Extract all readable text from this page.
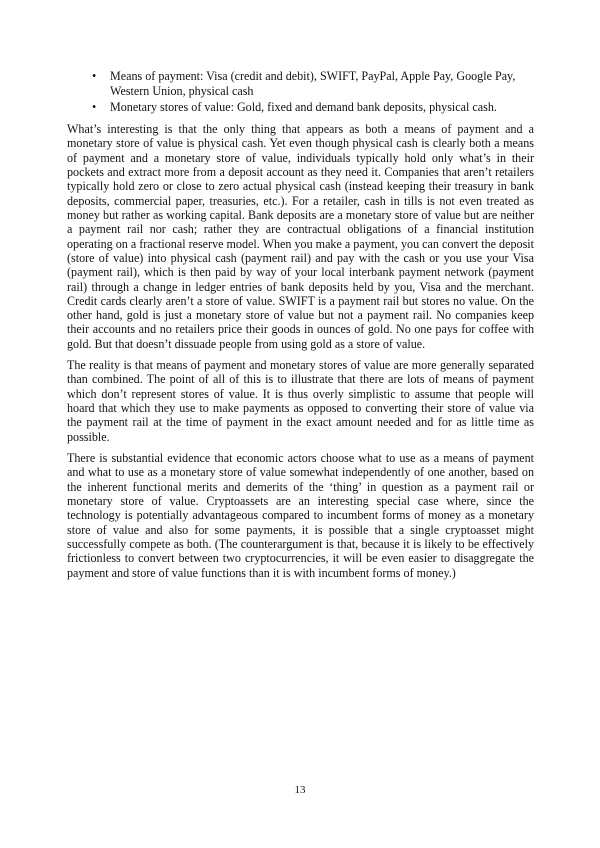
•	Means of payment: Visa (credit and debit), SWIFT, PayPal, Apple Pay, Google Pay, Western Union, physical cash
•	Monetary stores of value: Gold, fixed and demand bank deposits, physical cash.

What’s interesting is that the only thing that appears as both a means of payment and a monetary store of value is physical cash. Yet even though physical cash is clearly both a means of payment and a monetary store of value, individuals typically hold only what’s in their pockets and extract more from a deposit account as they need it. Companies that aren’t retailers typically hold zero or close to zero actual physical cash (instead keeping their treasury in bank deposits, commercial paper, treasuries, etc.). For a retailer, cash in tills is not even treated as money but rather as working capital. Bank deposits are a monetary store of value but are neither a payment rail nor cash; rather they are contractual obligations of a financial institution operating on a fractional reserve model. When you make a payment, you can convert the deposit (store of value) into physical cash (payment rail) and pay with the cash or you use your Visa (payment rail), which is then paid by way of your local interbank payment network (payment rail) through a change in ledger entries of bank deposits held by you, Visa and the merchant. Credit cards clearly aren’t a store of value. SWIFT is a payment rail but stores no value. On the other hand, gold is just a monetary store of value but not a payment rail. No companies keep their accounts and no retailers price their goods in ounces of gold. No one pays for coffee with gold. But that doesn’t dissuade people from using gold as a store of value.

The reality is that means of payment and monetary stores of value are more generally separated than combined. The point of all of this is to illustrate that there are lots of means of payment which don’t represent stores of value. It is thus overly simplistic to assume that people will hoard that which they use to make payments as opposed to converting their store of value via the payment rail at the time of payment in the exact amount needed and for as little time as possible.

There is substantial evidence that economic actors choose what to use as a means of payment and what to use as a monetary store of value somewhat independently of one another, based on the inherent functional merits and demerits of the ‘thing’ in question as a payment rail or monetary store of value. Cryptoassets are an interesting special case where, since the technology is potentially advantageous compared to incumbent forms of money as a monetary store of value and also for some payments, it is possible that a single cryptoasset might successfully compete as both. (The counterargument is that, because it is likely to be effectively frictionless to convert between two cryptocurrencies, it will be even easier to disaggregate the payment and store of value functions than it is with incumbent forms of money.)

13
